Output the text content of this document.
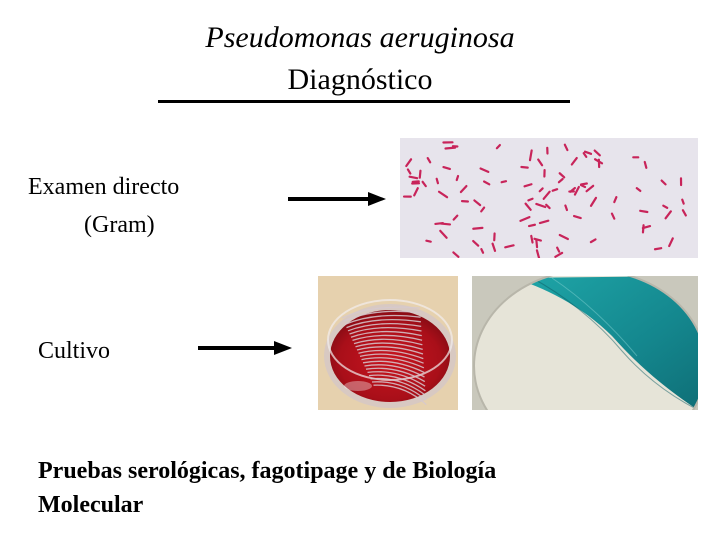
Pseudomonas aeruginosa
Diagnóstico
Examen directo
(Gram)
Cultivo
Pruebas serológicas, fagotipage y de Biología
Molecular
